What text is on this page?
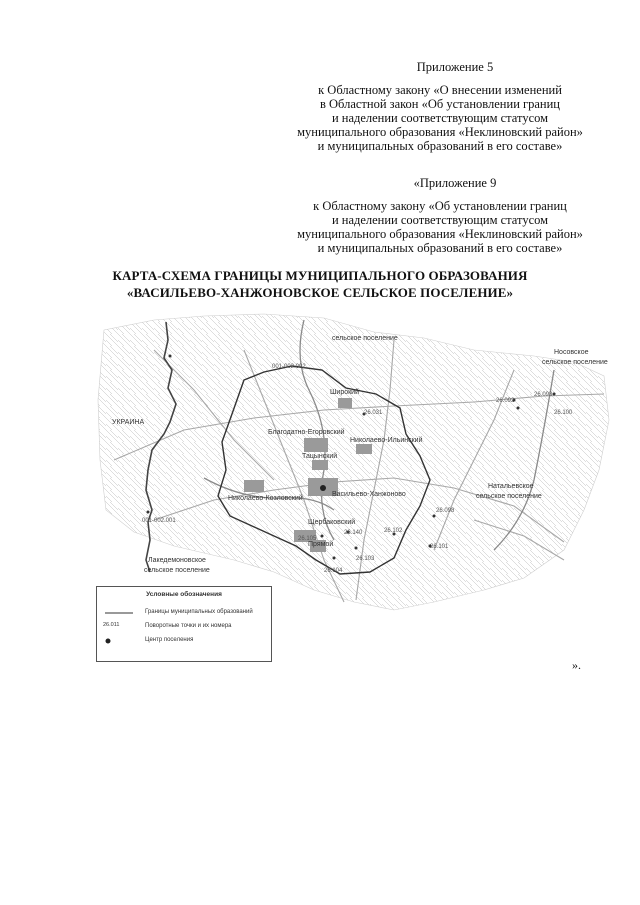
Приложение 5
к Областному закону «О внесении изменений
в Областной закон «Об установлении границ
и наделении соответствующим статусом
муниципального образования «Неклиновский район»
и муниципальных образований в его составе»
«Приложение 9
к Областному закону «Об установлении границ
и наделении соответствующим статусом
муниципального образования «Неклиновский район»
и муниципальных образований в его составе»
КАРТА-СХЕМА ГРАНИЦЫ МУНИЦИПАЛЬНОГО ОБРАЗОВАНИЯ
«ВАСИЛЬЕВО-ХАНЖОНОВСКОЕ СЕЛЬСКОЕ ПОСЕЛЕНИЕ»
001-002.002
001-002.001
26.031
26.093
26.092
26.100
26.105
26.140	26.102
26.103
26.104
26.101
26.098
УКРАИНА
сельское поселение
Носовское
сельское поселение
Натальевское
сельское поселение
Лакедемоновское
сельское поселение
Широкий
Благодатно-Егоровский
Тацынский
Николаево-Ильинский
Николаево-Козловский
Васильево-Ханжоново
Щербаковский
Прямой
Условные обозначения
Границы муниципальных образований
26.011	Поворотные точки и их номера
Центр поселения
».
